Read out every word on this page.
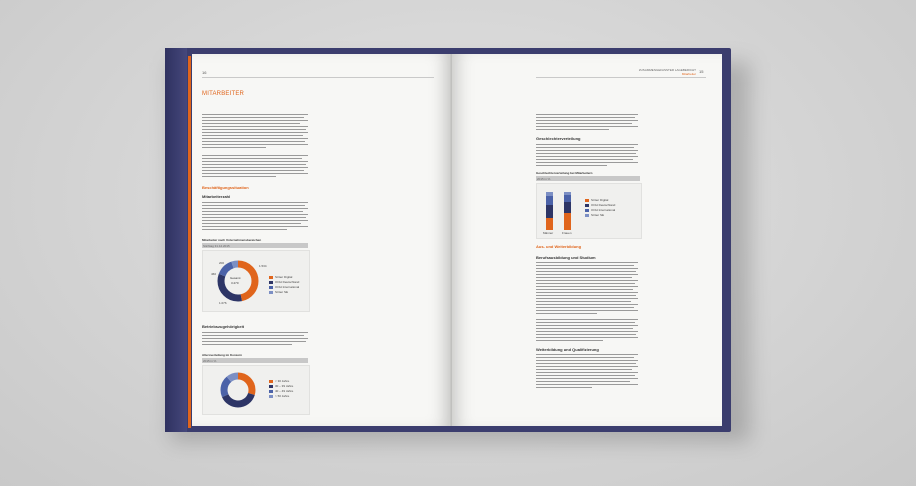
16
MITARBEITER
Beschäftigungssituation
Mitarbeiterzahl
Mitarbeiter nach Unternehmensbereichen
Stichtag 31.12.2015
Gesamt
3.270
1.534
1.076
460
200
Ströer Digital
OOH Deutschland
OOH International
Ströer SE
Betriebszugehörigkeit
Altersverteilung im Konzern
2015 in %
< 30 Jahre
30 – 39 Jahre
40 – 49 Jahre
> 50 Jahre
ZUSAMMENGEFASSTER LAGEBERICHT
Mitarbeiter 15
Geschlechterverteilung
Geschlechterverteilung bei Mitarbeitern
2015 in %
Männer	Frauen
Ströer Digital
OOH Deutschland
OOH International
Ströer SE
Aus- und Weiterbildung
Berufsausbildung und Studium
Weiterbildung und Qualifizierung
